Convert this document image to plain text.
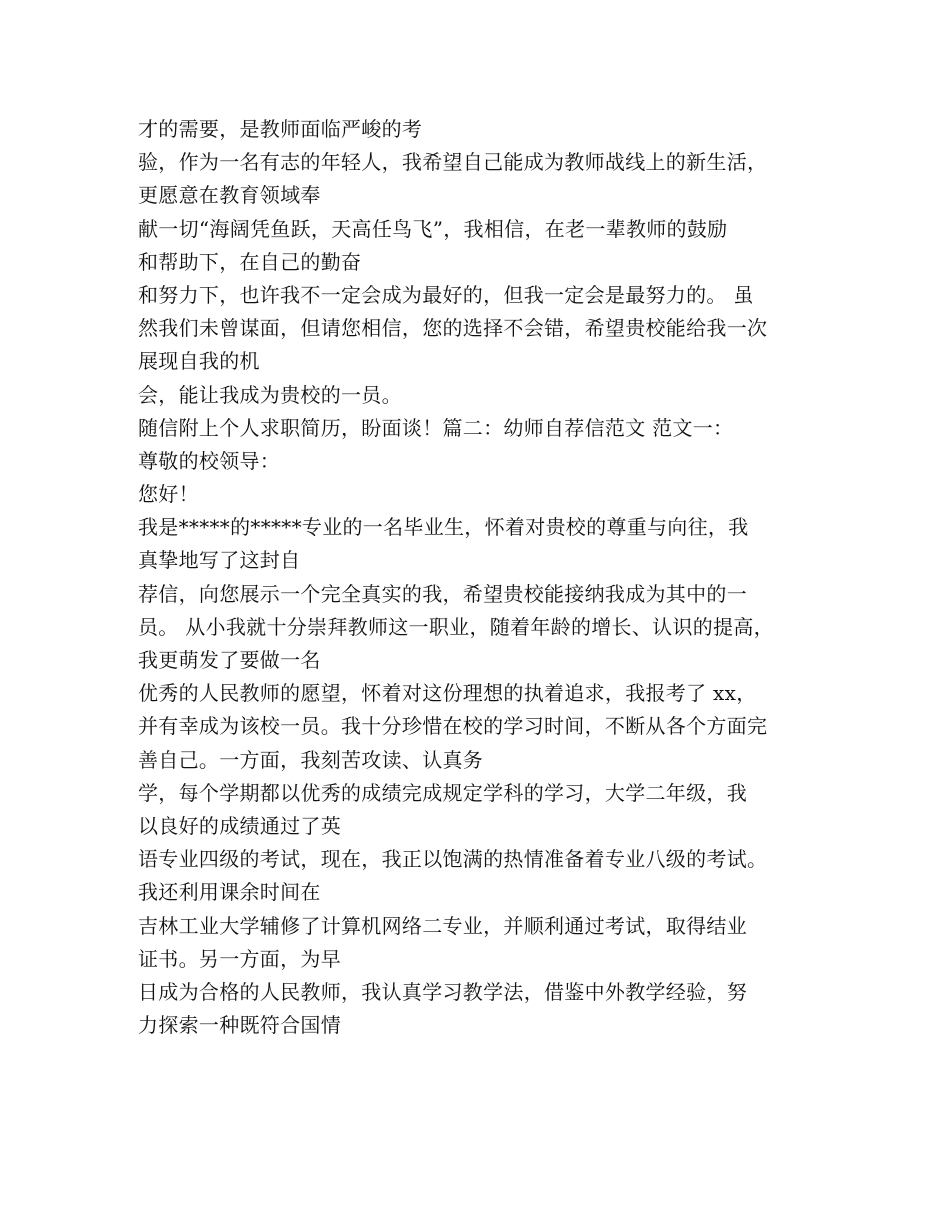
才的需要，是教师面临严峻的考
验，作为一名有志的年轻人，我希望自己能成为教师战线上的新生活，
更愿意在教育领域奉
献一切“海阔凭鱼跃，天高任鸟飞”，我相信，在老一辈教师的鼓励
和帮助下，在自己的勤奋
和努力下，也许我不一定会成为最好的，但我一定会是最努力的。 虽
然我们未曾谋面，但请您相信，您的选择不会错，希望贵校能给我一次
展现自我的机
会，能让我成为贵校的一员。
随信附上个人求职简历，盼面谈！篇二：幼师自荐信范文 范文一：
尊敬的校领导：
您好！
我是*****的*****专业的一名毕业生，怀着对贵校的尊重与向往，我
真挚地写了这封自
荐信，向您展示一个完全真实的我，希望贵校能接纳我成为其中的一
员。 从小我就十分崇拜教师这一职业，随着年龄的增长、认识的提高，
我更萌发了要做一名
优秀的人民教师的愿望，怀着对这份理想的执着追求，我报考了 xx，
并有幸成为该校一员。我十分珍惜在校的学习时间，不断从各个方面完
善自己。一方面，我刻苦攻读、认真务
学，每个学期都以优秀的成绩完成规定学科的学习，大学二年级，我
以良好的成绩通过了英
语专业四级的考试，现在，我正以饱满的热情准备着专业八级的考试。
我还利用课余时间在
吉林工业大学辅修了计算机网络二专业，并顺利通过考试，取得结业
证书。另一方面，为早
日成为合格的人民教师，我认真学习教学法，借鉴中外教学经验，努
力探索一种既符合国情
